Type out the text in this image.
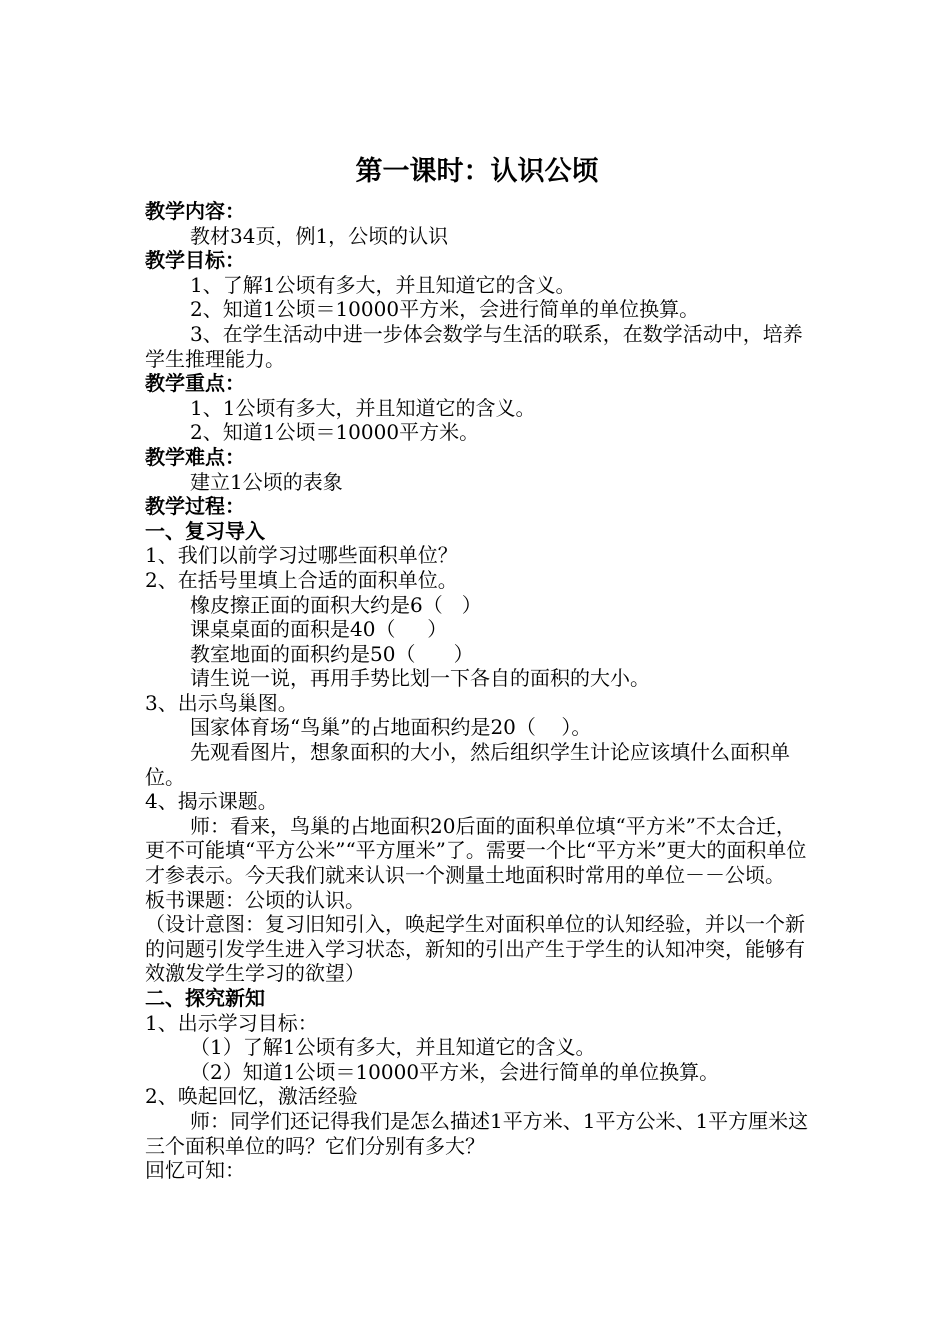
第一课时：认识公顷

教学内容：

教材34页，例1，公顷的认识

教学目标：

1、了解1公顷有多大，并且知道它的含义。

2、知道1公顷＝10000平方米，会进行简单的单位换算。

3、在学生活动中进一步体会数学与生活的联系，在数学活动中，培养学生推理能力。

教学重点：

1、1公顷有多大，并且知道它的含义。

2、知道1公顷＝10000平方米。

教学难点：

建立1公顷的表象

教学过程：

一、复习导入

1、我们以前学习过哪些面积单位？

2、在括号里填上合适的面积单位。

橡皮擦正面的面积大约是6（   ）

课桌桌面的面积是40（     ）

教室地面的面积约是50（      ）

请生说一说，再用手势比划一下各自的面积的大小。

3、出示鸟巢图。

国家体育场“鸟巢”的占地面积约是20（    ）。

先观看图片，想象面积的大小，然后组织学生计论应该填什么面积单位。

4、揭示课题。

师：看来，鸟巢的占地面积20后面的面积单位填“平方米”不太合迁，更不可能填“平方公米”“平方厘米”了。需要一个比“平方米”更大的面积单位才参表示。今天我们就来认识一个测量土地面积时常用的单位－－公顷。

板书课题：公顷的认识。

（设计意图：复习旧知引入，唤起学生对面积单位的认知经验，并以一个新的问题引发学生进入学习状态，新知的引出产生于学生的认知冲突，能够有效激发学生学习的欲望）

二、探究新知

1、出示学习目标：

（1）了解1公顷有多大，并且知道它的含义。

（2）知道1公顷＝10000平方米，会进行简单的单位换算。

2、唤起回忆，激活经验

师：同学们还记得我们是怎么描述1平方米、1平方公米、1平方厘米这三个面积单位的吗？它们分别有多大？

回忆可知：
